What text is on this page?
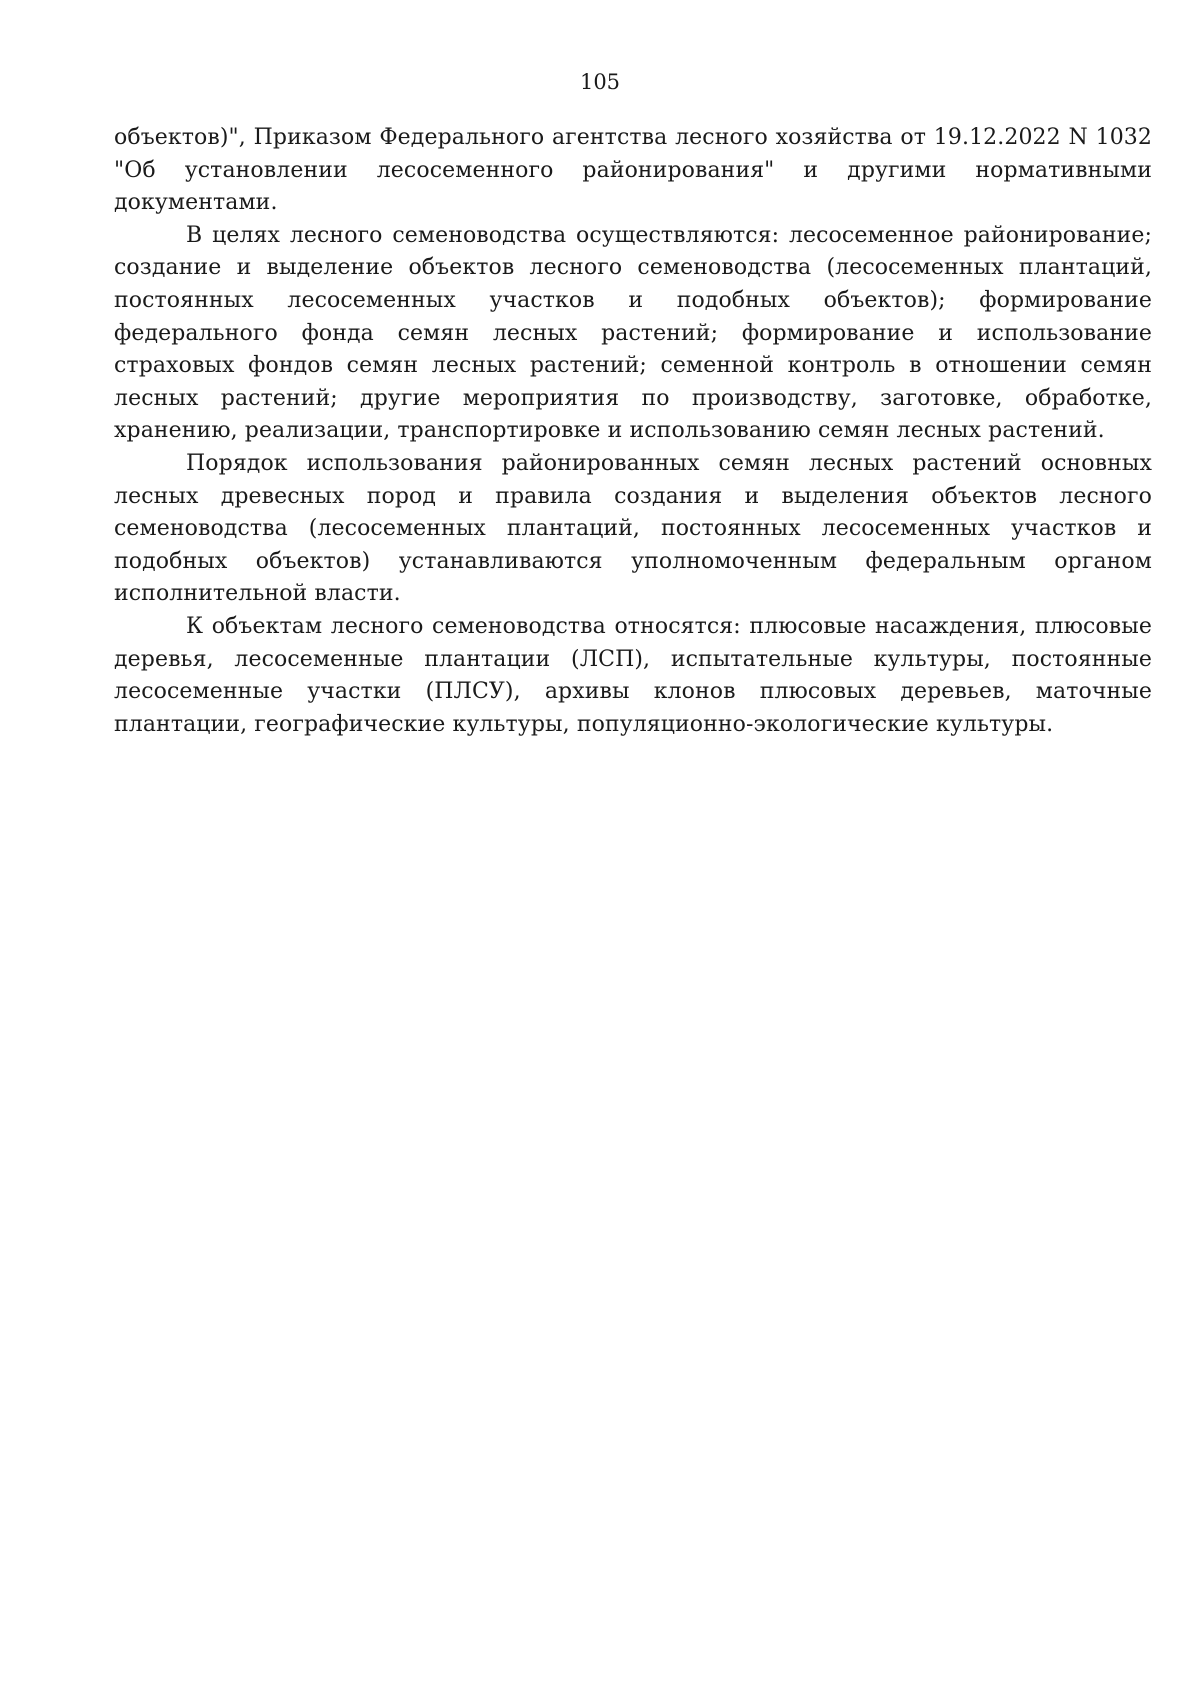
105

объектов)", Приказом Федерального агентства лесного хозяйства от 19.12.2022 N 1032 "Об установлении лесосеменного районирования" и другими нормативными документами.

В целях лесного семеноводства осуществляются: лесосеменное районирование; создание и выделение объектов лесного семеноводства (лесосеменных плантаций, постоянных лесосеменных участков и подобных объектов); формирование федерального фонда семян лесных растений; формирование и использование страховых фондов семян лесных растений; семенной контроль в отношении семян лесных растений; другие мероприятия по производству, заготовке, обработке, хранению, реализации, транспортировке и использованию семян лесных растений.

Порядок использования районированных семян лесных растений основных лесных древесных пород и правила создания и выделения объектов лесного семеноводства (лесосеменных плантаций, постоянных лесосеменных участков и подобных объектов) устанавливаются уполномоченным федеральным органом исполнительной власти.

К объектам лесного семеноводства относятся: плюсовые насаждения, плюсовые деревья, лесосеменные плантации (ЛСП), испытательные культуры, постоянные лесосеменные участки (ПЛСУ), архивы клонов плюсовых деревьев, маточные плантации, географические культуры, популяционно-экологические культуры.
